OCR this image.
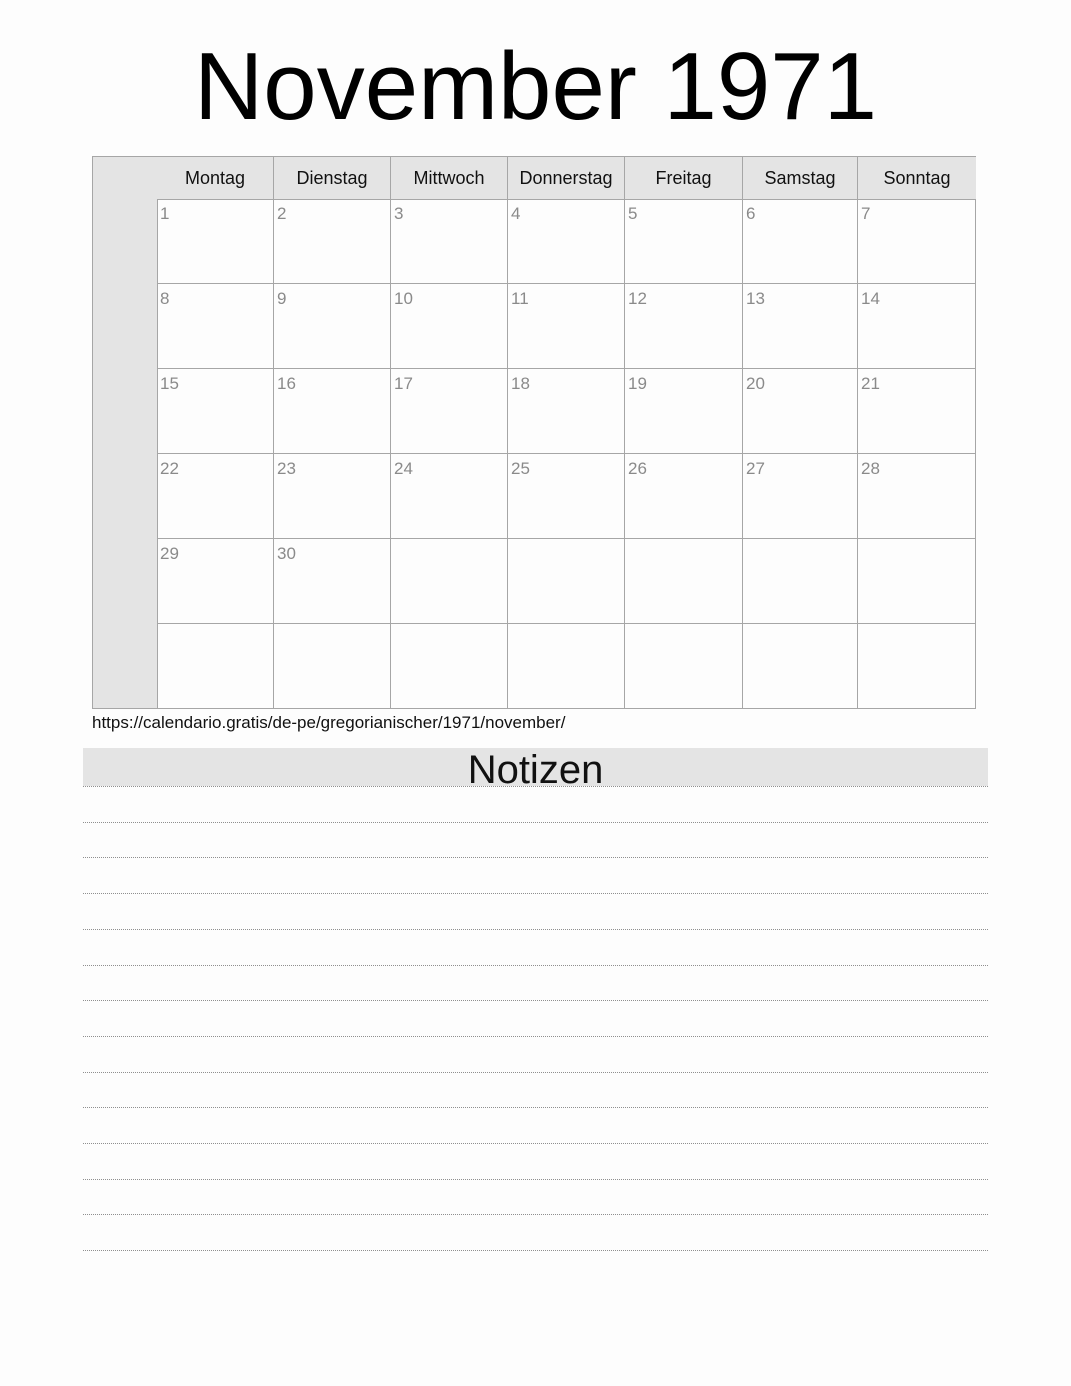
November 1971
Montag	Dienstag	Mittwoch	Donnerstag	Freitag	Samstag	Sonntag
1	2	3	4	5	6	7
8	9	10	11	12	13	14
15	16	17	18	19	20	21
22	23	24	25	26	27	28
29	30
https://calendario.gratis/de-pe/gregorianischer/1971/november/
Notizen
